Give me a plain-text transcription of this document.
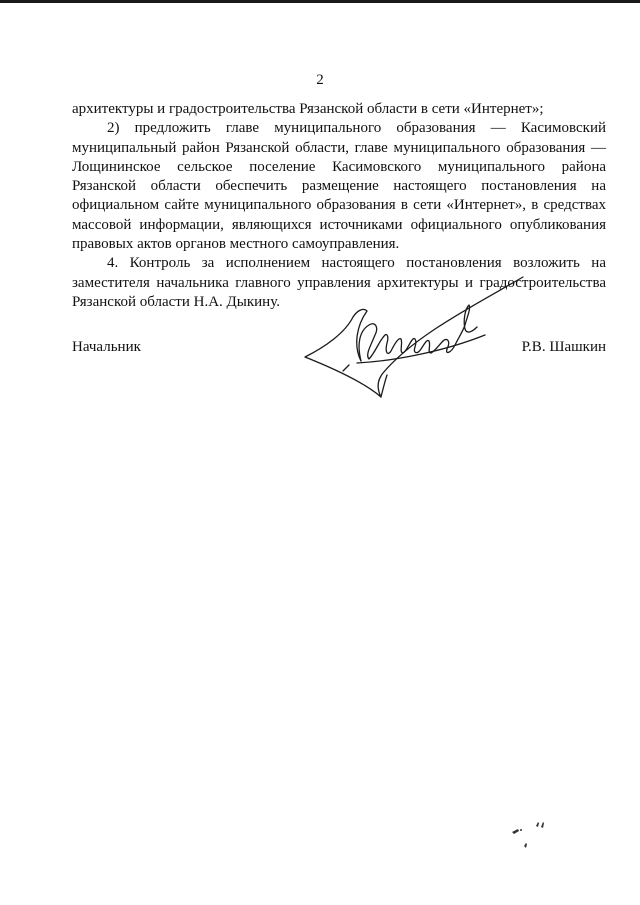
2

архитектуры и градостроительства Рязанской области в сети «Интернет»;

2) предложить главе муниципального образования — Касимовский муниципальный район Рязанской области, главе муниципального образования — Лощининское сельское поселение Касимовского муниципального района Рязанской области обеспечить размещение настоящего постановления на официальном сайте муниципального образования в сети «Интернет», в средствах массовой информации, являющихся источниками официального опубликования правовых актов органов местного самоуправления.

4. Контроль за исполнением настоящего постановления возложить на заместителя начальника главного управления архитектуры и градостроительства Рязанской области Н.А. Дыкину.

Начальник	Р.В. Шашкин
